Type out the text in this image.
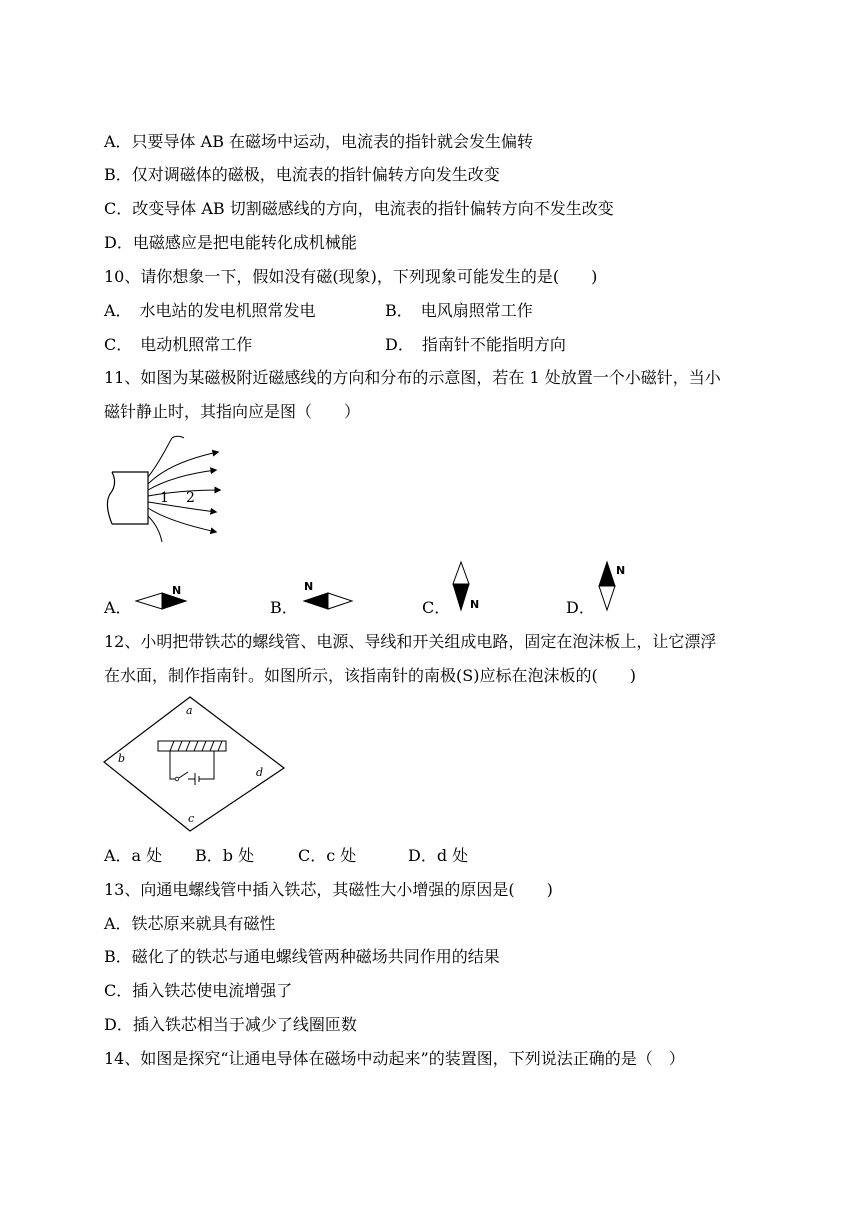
A．只要导体 AB 在磁场中运动，电流表的指针就会发生偏转
B．仅对调磁体的磁极，电流表的指针偏转方向发生改变
C．改变导体 AB 切割磁感线的方向，电流表的指针偏转方向不发生改变
D．电磁感应是把电能转化成机械能
10、请你想象一下，假如没有磁(现象)，下列现象可能发生的是(　　)
A．　水电站的发电机照常发电	B．　电风扇照常工作
C．　电动机照常工作	D．　指南针不能指明方向
11、如图为某磁极附近磁感线的方向和分布的示意图，若在 1 处放置一个小磁针，当小
磁针静止时，其指向应是图（　　）
1 2
A．
N
B．
N
C． N	D．
N
12、小明把带铁芯的螺线管、电源、导线和开关组成电路，固定在泡沫板上，让它漂浮
在水面，制作指南针。如图所示，该指南针的南极(S)应标在泡沫板的(　　)
a
b
d
c
A．a 处 B．b 处	C．c 处	D．d 处
13、向通电螺线管中插入铁芯，其磁性大小增强的原因是(　　)
A．铁芯原来就具有磁性
B．磁化了的铁芯与通电螺线管两种磁场共同作用的结果
C．插入铁芯使电流增强了
D．插入铁芯相当于减少了线圈匝数
14、如图是探究“让通电导体在磁场中动起来”的装置图，下列说法正确的是（　）
